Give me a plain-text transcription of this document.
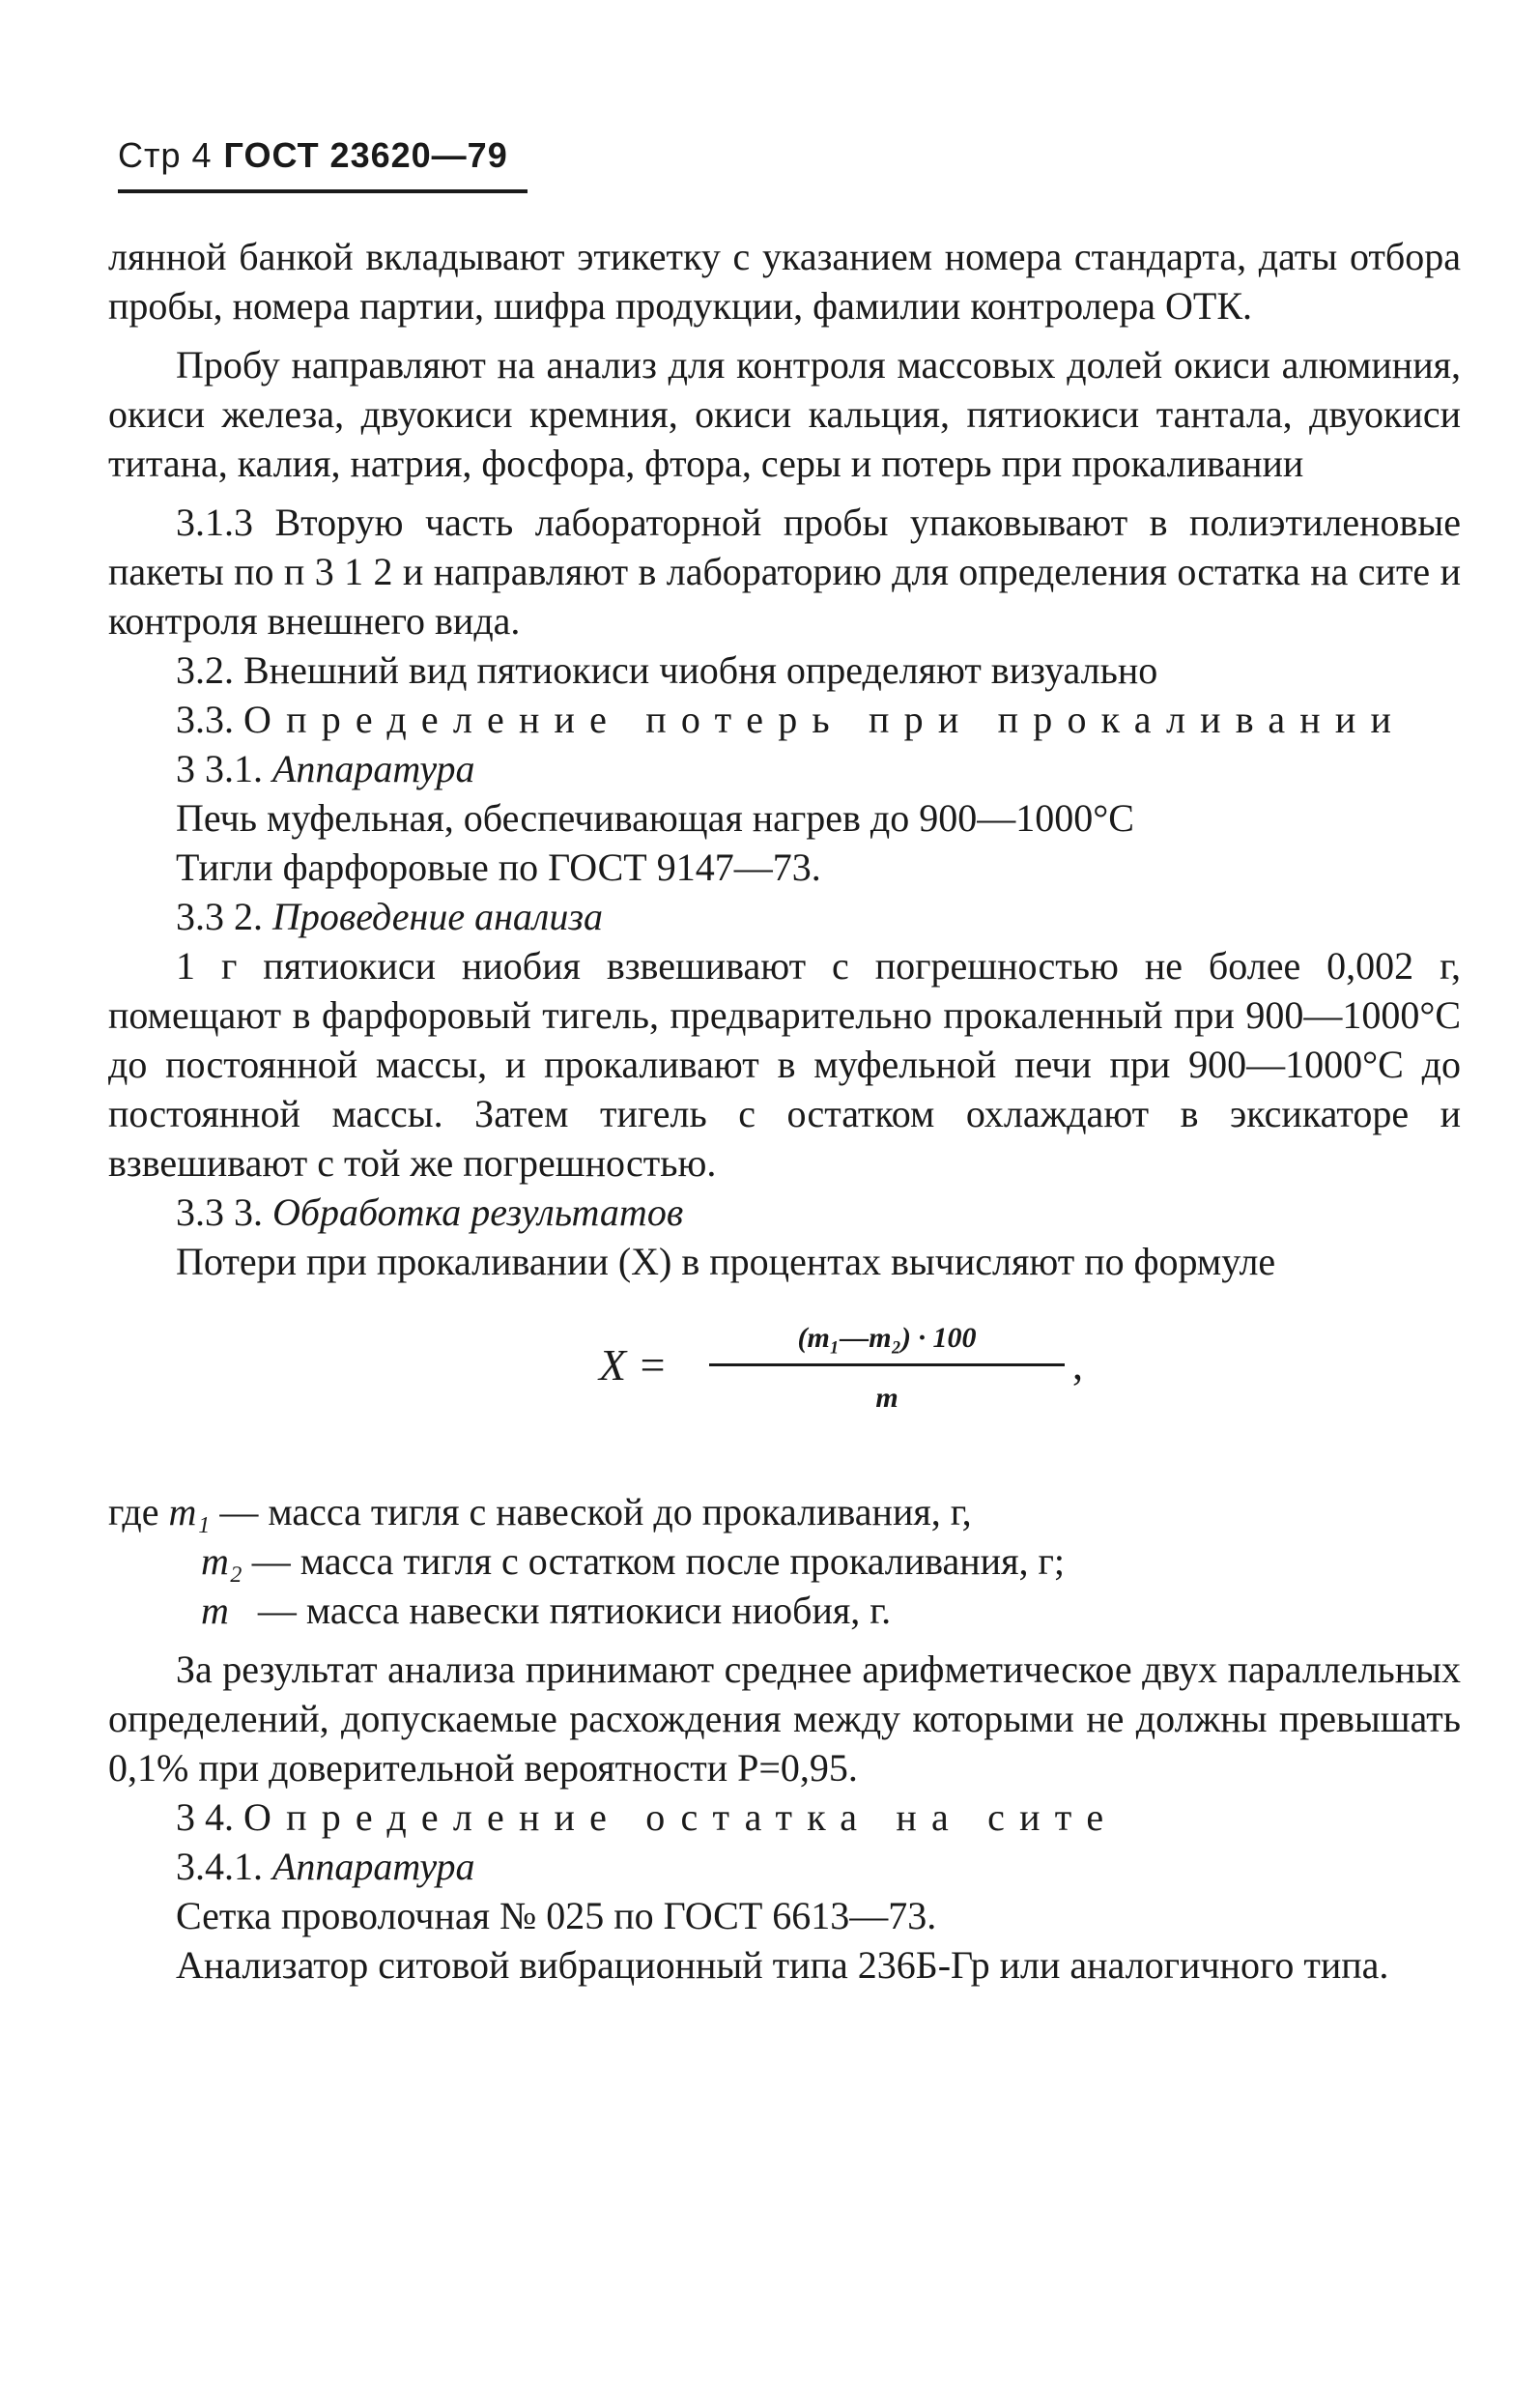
Стр 4 ГОСТ 23620—79

лянной банкой вкладывают этикетку с указанием номера стандарта, даты отбора пробы, номера партии, шифра продукции, фамилии контролера ОТК.

Пробу направляют на анализ для контроля массовых долей окиси алюминия, окиси железа, двуокиси кремния, окиси кальция, пятиокиси тантала, двуокиси титана, калия, натрия, фосфора, фтора, серы и потерь при прокаливании

3.1.3 Вторую часть лабораторной пробы упаковывают в полиэтиленовые пакеты по п 3 1 2 и направляют в лабораторию для определения остатка на сите и контроля внешнего вида.

3.2. Внешний вид пятиокиси чиобня определяют визуально

3.3. Определение потерь при прокаливании

3 3.1. Аппаратура

Печь муфельная, обеспечивающая нагрев до 900—1000°С

Тигли фарфоровые по ГОСТ 9147—73.

3.3 2. Проведение анализа

1 г пятиокиси ниобия взвешивают с погрешностью не более 0,002 г, помещают в фарфоровый тигель, предварительно прокаленный при 900—1000°С до постоянной массы, и прокаливают в муфельной печи при 900—1000°С до постоянной массы. Затем тигель с остатком охлаждают в эксикаторе и взвешивают с той же погрешностью.

3.3 3. Обработка результатов

Потери при прокаливании (X) в процентах вычисляют по формуле

X =
(m₁—m₂) · 100
m
,

где
m₁
— масса тигля с навеской до прокаливания, г,

m₂
— масса тигля с остатком после прокаливания, г;

m
— масса навески пятиокиси ниобия, г.

За результат анализа принимают среднее арифметическое двух параллельных определений, допускаемые расхождения между которыми не должны превышать 0,1% при доверительной вероятности P=0,95.

3 4. Определение остатка на сите

3.4.1. Аппаратура

Сетка проволочная № 025 по ГОСТ 6613—73.

Анализатор ситовой вибрационный типа 236Б-Гр или аналогичного типа.
